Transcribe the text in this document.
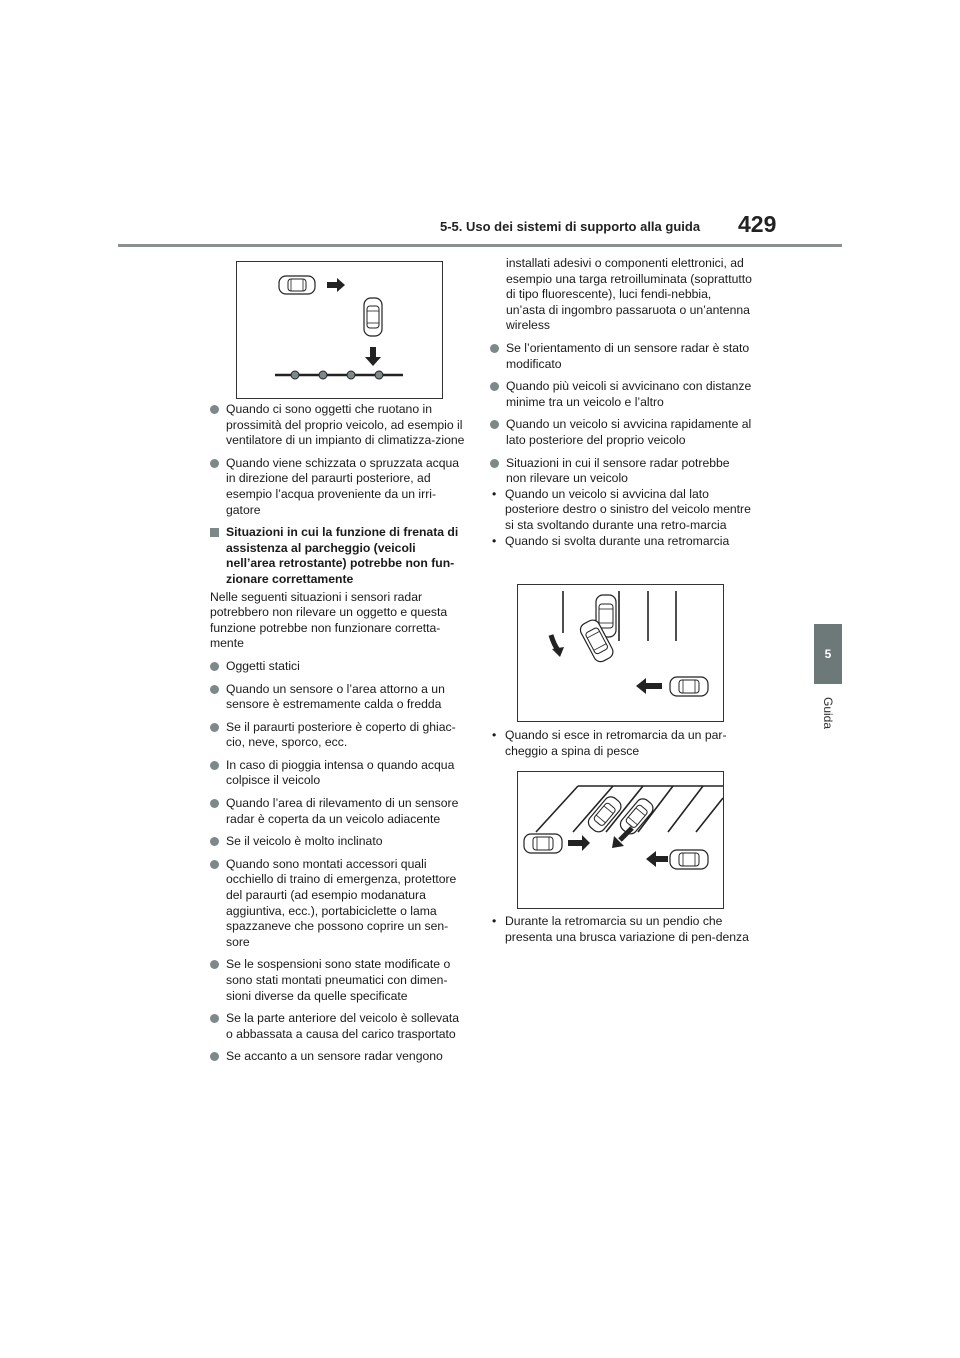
5-5. Uso dei sistemi di supporto alla guida 429
5
Guida
Quando ci sono oggetti che ruotano in prossimità del proprio veicolo, ad esempio il ventilatore di un impianto di climatizza-zione
Quando viene schizzata o spruzzata acqua in direzione del paraurti posteriore, ad esempio l’acqua proveniente da un irri-gatore
Situazioni in cui la funzione di frenata di assistenza al parcheggio (veicoli nell’area retrostante) potrebbe non fun-zionare correttamente
Nelle seguenti situazioni i sensori radar potrebbero non rilevare un oggetto e questa funzione potrebbe non funzionare corretta-mente
Oggetti statici
Quando un sensore o l’area attorno a un sensore è estremamente calda o fredda
Se il paraurti posteriore è coperto di ghiac-cio, neve, sporco, ecc.
In caso di pioggia intensa o quando acqua colpisce il veicolo
Quando l’area di rilevamento di un sensore radar è coperta da un veicolo adiacente
Se il veicolo è molto inclinato
Quando sono montati accessori quali occhiello di traino di emergenza, protettore del paraurti (ad esempio modanatura aggiuntiva, ecc.), portabiciclette o lama spazzaneve che possono coprire un sen-sore
Se le sospensioni sono state modificate o sono stati montati pneumatici con dimen-sioni diverse da quelle specificate
Se la parte anteriore del veicolo è sollevata o abbassata a causa del carico trasportato
Se accanto a un sensore radar vengono
installati adesivi o componenti elettronici, ad esempio una targa retroilluminata (soprattutto di tipo fluorescente), luci fendi-nebbia, un’asta di ingombro passaruota o un’antenna wireless
Se l’orientamento di un sensore radar è stato modificato
Quando più veicoli si avvicinano con distanze minime tra un veicolo e l’altro
Quando un veicolo si avvicina rapidamente al lato posteriore del proprio veicolo
Situazioni in cui il sensore radar potrebbe non rilevare un veicolo
• Quando un veicolo si avvicina dal lato posteriore destro o sinistro del veicolo mentre si sta svoltando durante una retro-marcia
• Quando si svolta durante una retromarcia
• Quando si esce in retromarcia da un par-cheggio a spina di pesce
• Durante la retromarcia su un pendio che presenta una brusca variazione di pen-denza
